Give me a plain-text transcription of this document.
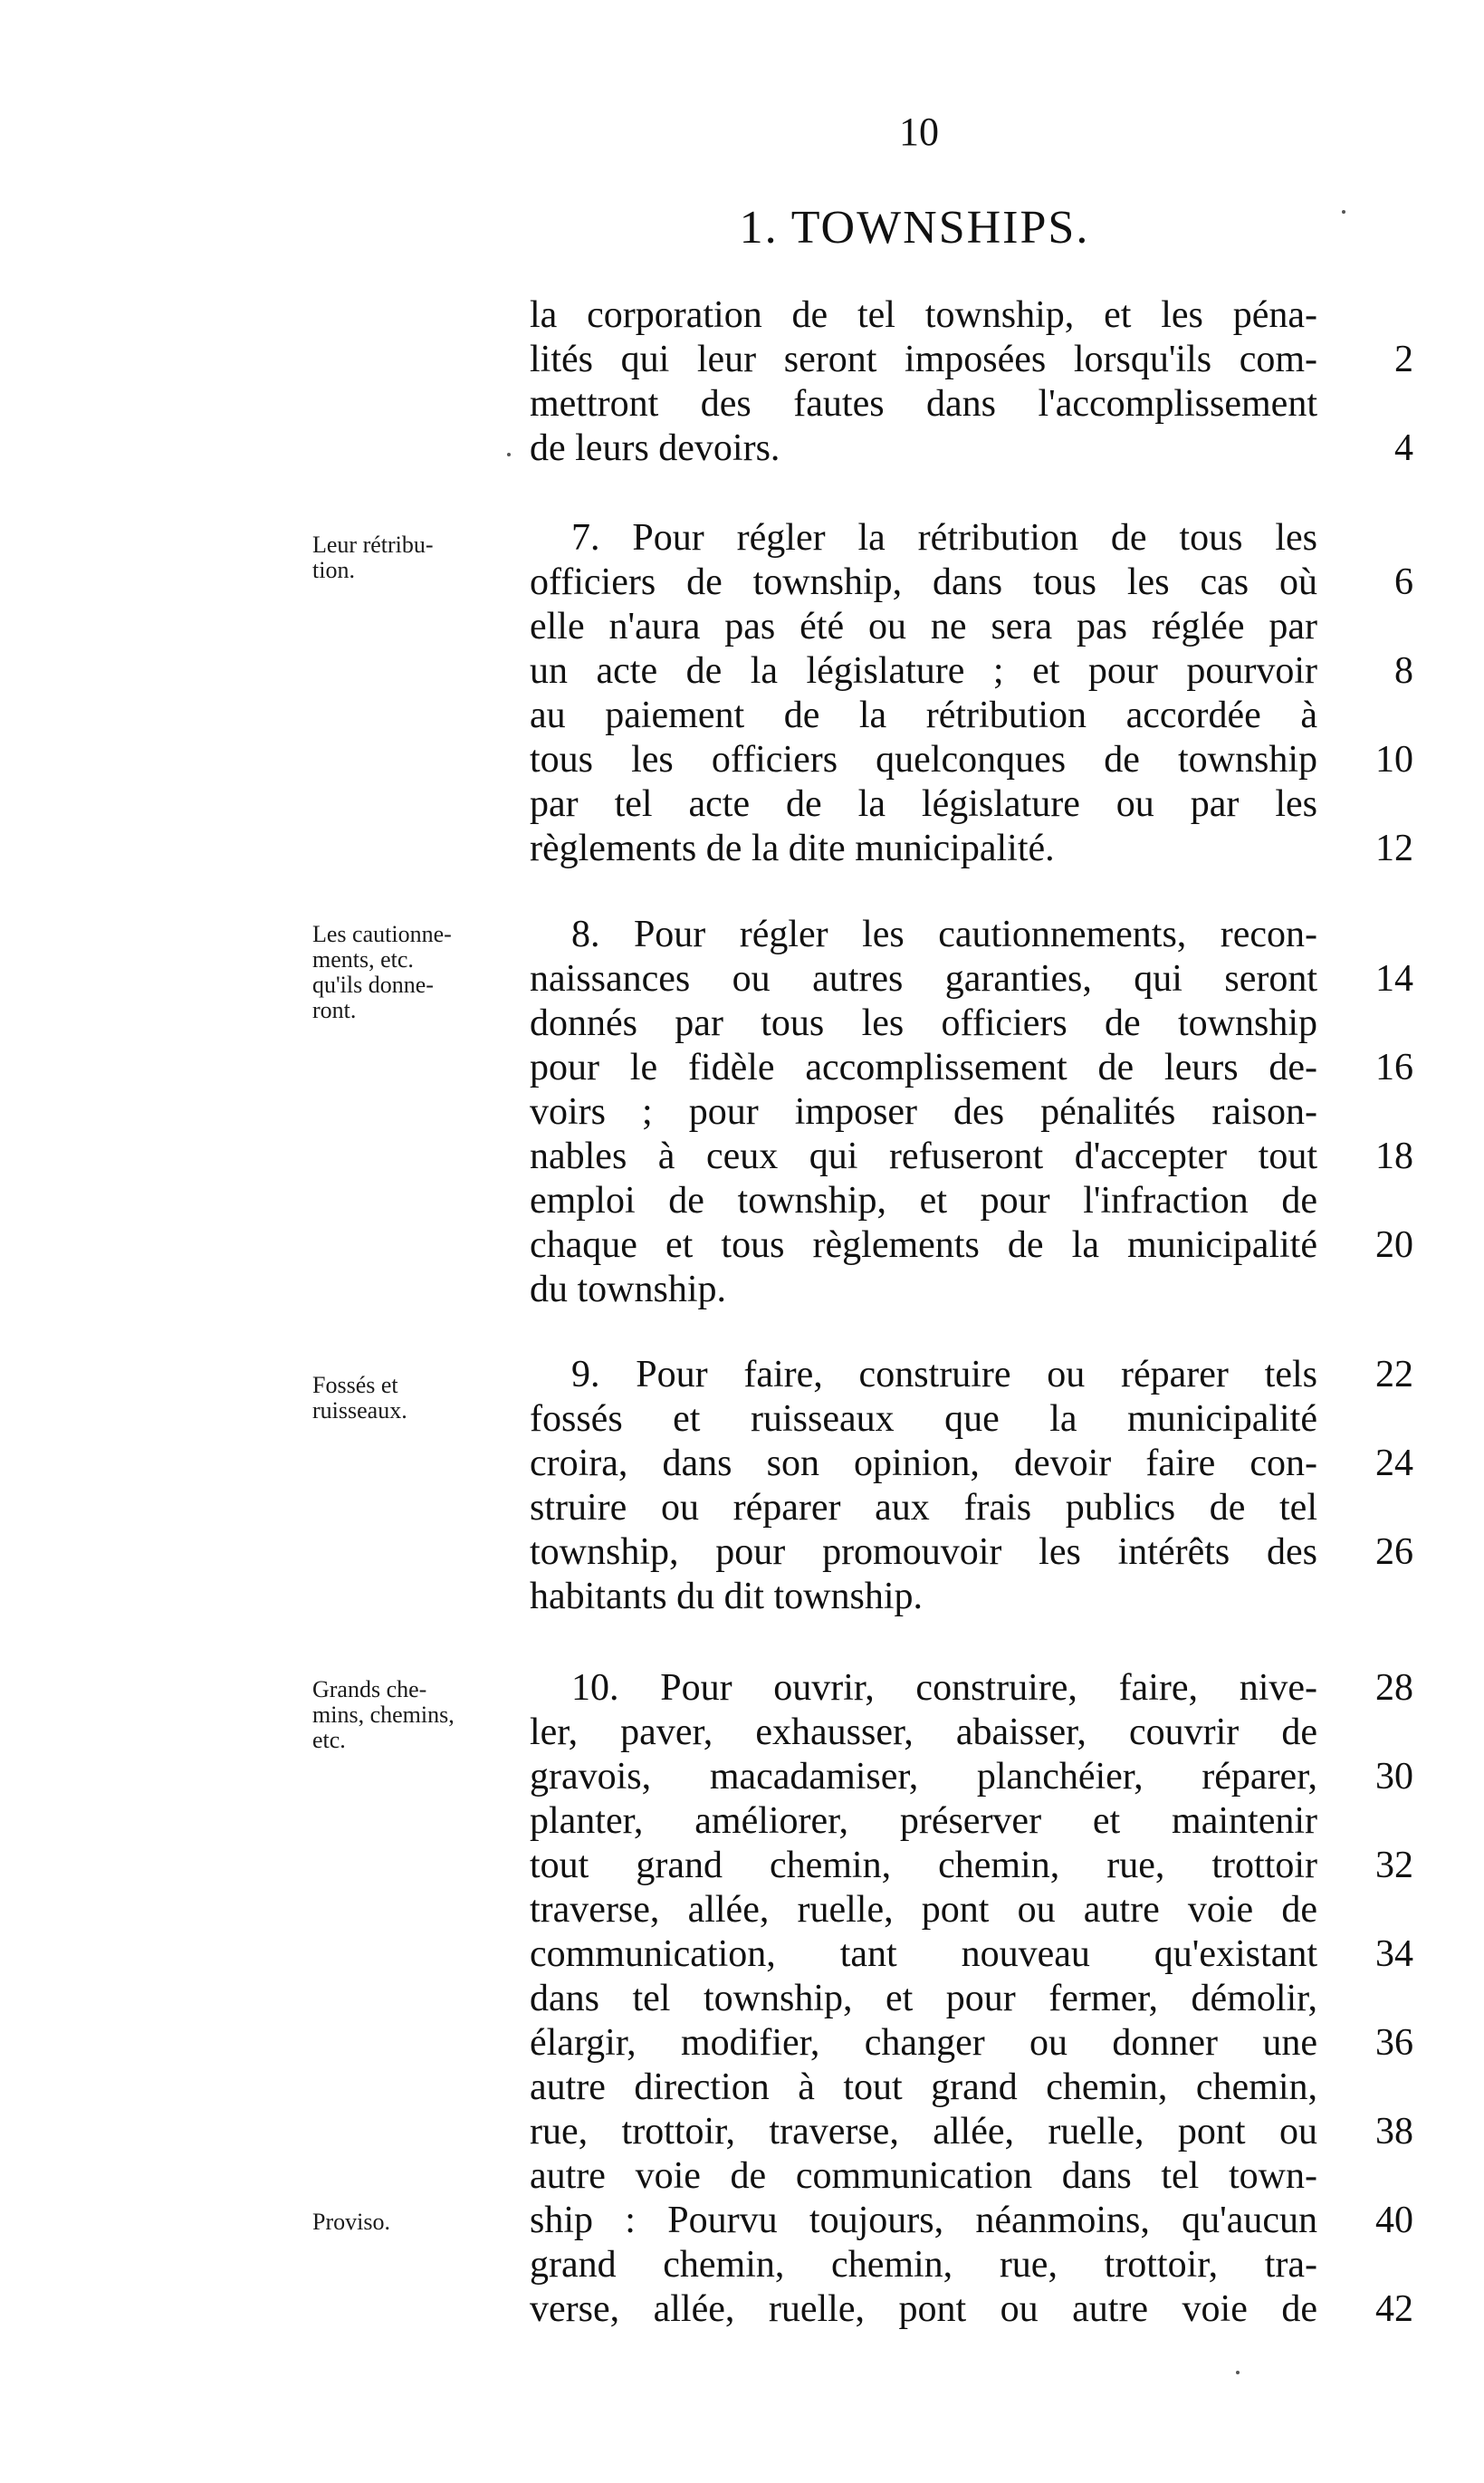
10
1. TOWNSHIPS.
Leur rétribu-
tion.
Les cautionne-
ments, etc.
qu'ils donne-
ront.
Fossés et
ruisseaux.
Grands che-
mins, chemins,
etc.
Proviso.
la corporation de tel township, et les péna-
lités qui leur seront imposées lorsqu'ils com-	2
mettront des fautes dans l'accomplissement
de leurs devoirs.	4
7. Pour régler la rétribution de tous les
officiers de township, dans tous les cas où	6
elle n'aura pas été ou ne sera pas réglée par
un acte de la législature ; et pour pourvoir	8
au paiement de la rétribution accordée à
tous les officiers quelconques de township	10
par tel acte de la législature ou par les
règlements de la dite municipalité.	12
8. Pour régler les cautionnements, recon-
naissances ou autres garanties, qui seront	14
donnés par tous les officiers de township
pour le fidèle accomplissement de leurs de-	16
voirs ; pour imposer des pénalités raison-
nables à ceux qui refuseront d'accepter tout	18
emploi de township, et pour l'infraction de
chaque et tous règlements de la municipalité	20
du township.
9. Pour faire, construire ou réparer tels	22
fossés et ruisseaux que la municipalité
croira, dans son opinion, devoir faire con-	24
struire ou réparer aux frais publics de tel
township, pour promouvoir les intérêts des	26
habitants du dit township.
10. Pour ouvrir, construire, faire, nive-	28
ler, paver, exhausser, abaisser, couvrir de
gravois, macadamiser, planchéier, réparer,	30
planter, améliorer, préserver et maintenir
tout grand chemin, chemin, rue, trottoir	32
traverse, allée, ruelle, pont ou autre voie de
communication, tant nouveau qu'existant	34
dans tel township, et pour fermer, démolir,
élargir, modifier, changer ou donner une	36
autre direction à tout grand chemin, chemin,
rue, trottoir, traverse, allée, ruelle, pont ou	38
autre voie de communication dans tel town-
ship : Pourvu toujours, néanmoins, qu'aucun	40
grand chemin, chemin, rue, trottoir, tra-
verse, allée, ruelle, pont ou autre voie de	42
